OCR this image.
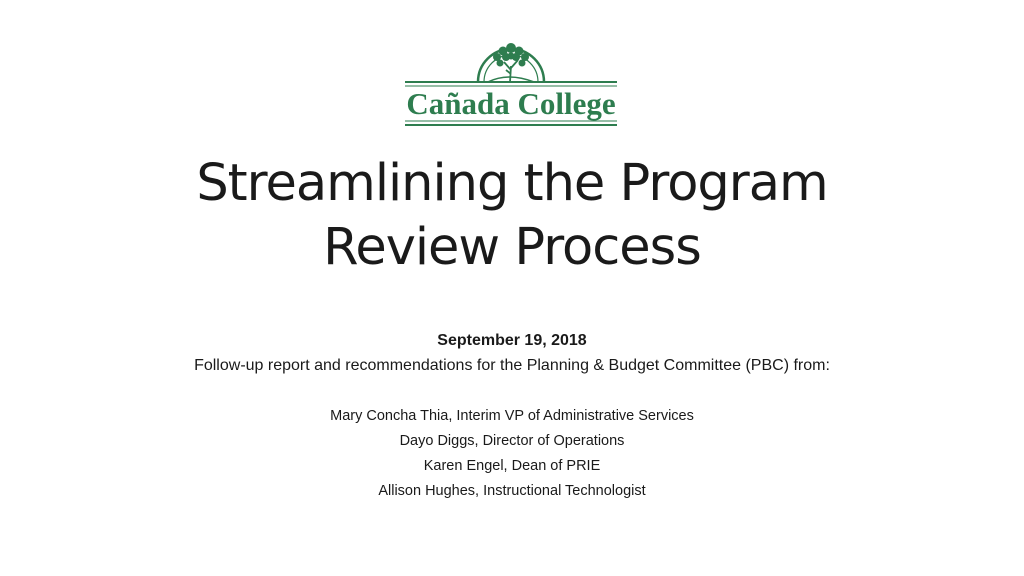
Cañada College
Streamlining the Program
Review Process
September 19, 2018
Follow-up report and recommendations for the Planning & Budget Committee (PBC) from:
Mary Concha Thia, Interim VP of Administrative Services
Dayo Diggs, Director of Operations
Karen Engel, Dean of PRIE
Allison Hughes, Instructional Technologist
